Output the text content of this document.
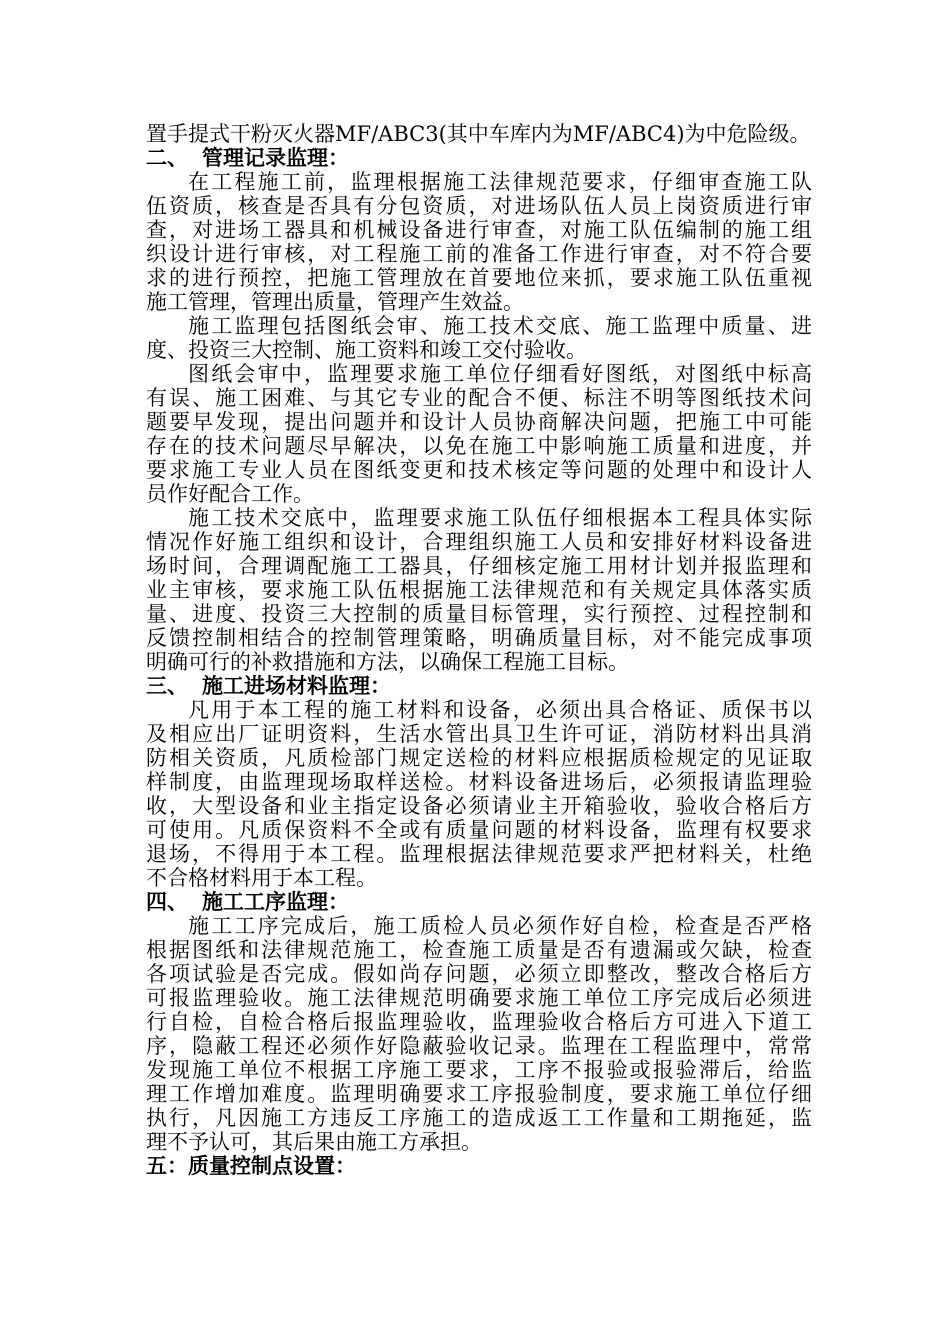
置手提式干粉灭火器MF/ABC3(其中车库内为MF/ABC4)为中危险级。
二、 管理记录监理：
在工程施工前，监理根据施工法律规范要求，仔细审查施工队
伍资质，核查是否具有分包资质，对进场队伍人员上岗资质进行审
查，对进场工器具和机械设备进行审查，对施工队伍编制的施工组
织设计进行审核，对工程施工前的准备工作进行审查，对不符合要
求的进行预控，把施工管理放在首要地位来抓，要求施工队伍重视
施工管理，管理出质量，管理产生效益。
施工监理包括图纸会审、施工技术交底、施工监理中质量、进
度、投资三大控制、施工资料和竣工交付验收。
图纸会审中，监理要求施工单位仔细看好图纸，对图纸中标高
有误、施工困难、与其它专业的配合不便、标注不明等图纸技术问
题要早发现，提出问题并和设计人员协商解决问题，把施工中可能
存在的技术问题尽早解决，以免在施工中影响施工质量和进度，并
要求施工专业人员在图纸变更和技术核定等问题的处理中和设计人
员作好配合工作。
施工技术交底中，监理要求施工队伍仔细根据本工程具体实际
情况作好施工组织和设计，合理组织施工人员和安排好材料设备进
场时间，合理调配施工工器具，仔细核定施工用材计划并报监理和
业主审核，要求施工队伍根据施工法律规范和有关规定具体落实质
量、进度、投资三大控制的质量目标管理，实行预控、过程控制和
反馈控制相结合的控制管理策略，明确质量目标，对不能完成事项
明确可行的补救措施和方法，以确保工程施工目标。
三、 施工进场材料监理：
凡用于本工程的施工材料和设备，必须出具合格证、质保书以
及相应出厂证明资料，生活水管出具卫生许可证，消防材料出具消
防相关资质，凡质检部门规定送检的材料应根据质检规定的见证取
样制度，由监理现场取样送检。材料设备进场后，必须报请监理验
收，大型设备和业主指定设备必须请业主开箱验收，验收合格后方
可使用。凡质保资料不全或有质量问题的材料设备，监理有权要求
退场，不得用于本工程。监理根据法律规范要求严把材料关，杜绝
不合格材料用于本工程。
四、 施工工序监理：
施工工序完成后，施工质检人员必须作好自检，检查是否严格
根据图纸和法律规范施工，检查施工质量是否有遗漏或欠缺，检查
各项试验是否完成。假如尚存问题，必须立即整改，整改合格后方
可报监理验收。施工法律规范明确要求施工单位工序完成后必须进
行自检，自检合格后报监理验收，监理验收合格后方可进入下道工
序，隐蔽工程还必须作好隐蔽验收记录。监理在工程监理中，常常
发现施工单位不根据工序施工要求，工序不报验或报验滞后，给监
理工作增加难度。监理明确要求工序报验制度，要求施工单位仔细
执行，凡因施工方违反工序施工的造成返工工作量和工期拖延，监
理不予认可，其后果由施工方承担。
五：质量控制点设置：
